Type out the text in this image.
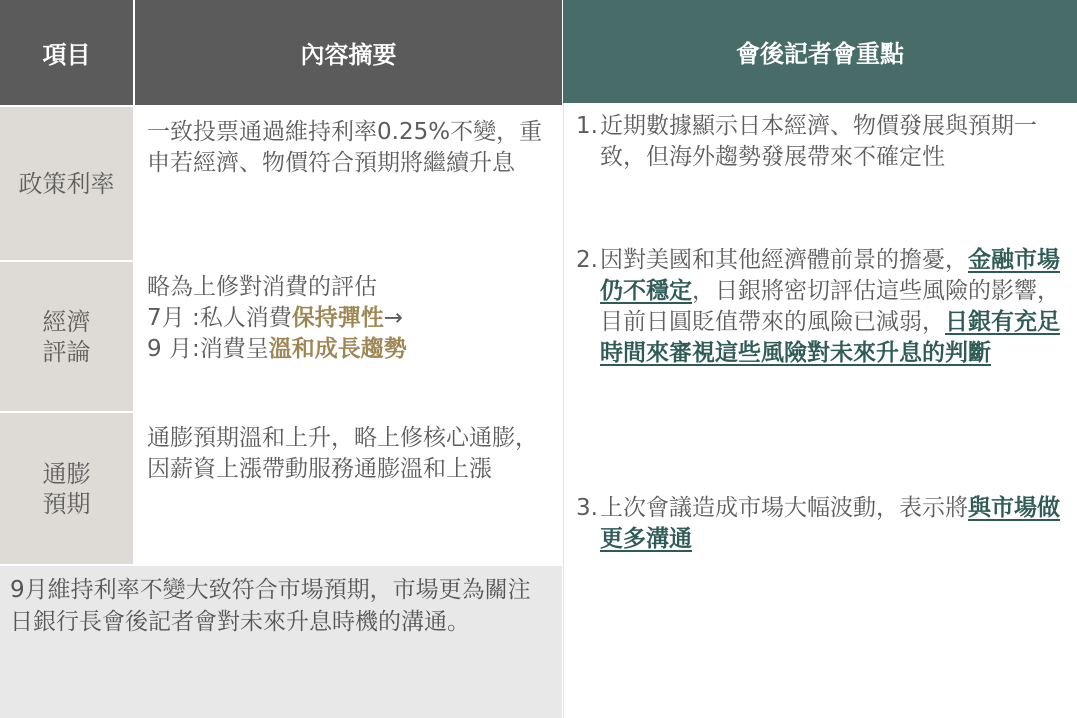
項目	內容摘要	會後記者會重點
政策利率
一致投票通過維持利率0.25%不變，重申若經濟、物價符合預期將繼續升息
經濟
評論
略為上修對消費的評估
7月 :私人消費保持彈性→
9 月:消費呈溫和成長趨勢
通膨
預期
通膨預期溫和上升，略上修核心通膨，因薪資上漲帶動服務通膨溫和上漲
9月維持利率不變大致符合市場預期，市場更為關注日銀行長會後記者會對未來升息時機的溝通。
1. 近期數據顯示日本經濟、物價發展與預期一致，但海外趨勢發展帶來不確定性
2. 因對美國和其他經濟體前景的擔憂，金融市場仍不穩定，日銀將密切評估這些風險的影響，目前日圓貶值帶來的風險已減弱，日銀有充足時間來審視這些風險對未來升息的判斷
3. 上次會議造成市場大幅波動，表示將與市場做更多溝通
